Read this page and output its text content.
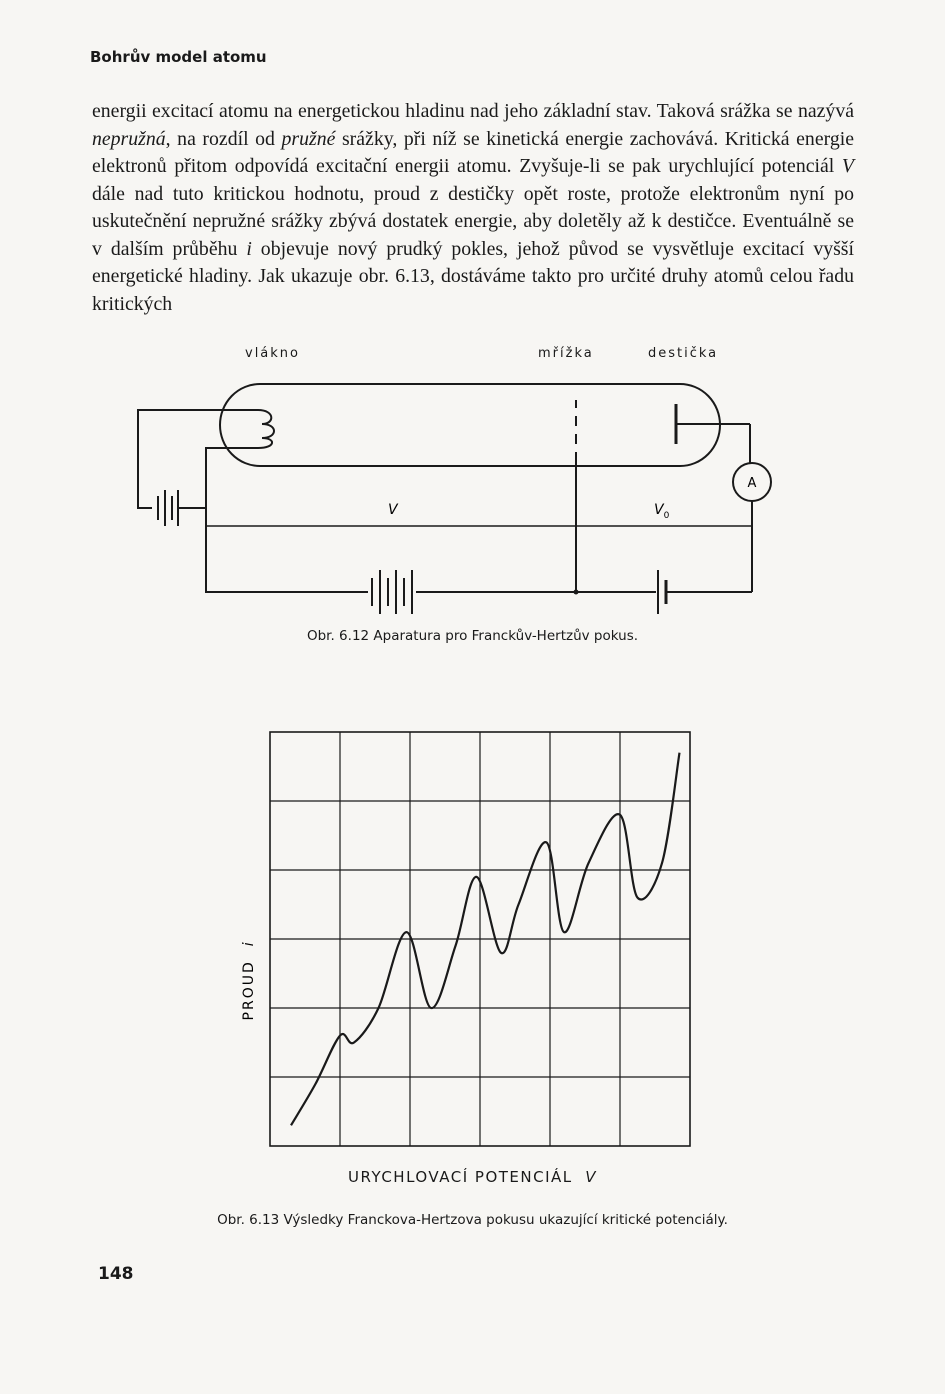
Bohrův model atomu

energii excitací atomu na energetickou hladinu nad jeho základní stav. Taková srážka se nazývá nepružná, na rozdíl od pružné srážky, při níž se kinetická energie zachovává. Kritická energie elektronů přitom odpovídá excitační energii atomu. Zvyšuje-li se pak urychlující potenciál V dále nad tuto kritickou hodnotu, proud z destičky opět roste, protože elektronům nyní po uskutečnění nepružné srážky zbývá dostatek energie, aby doletěly až k destičce. Eventuálně se v dalším průběhu i objevuje nový prudký pokles, jehož původ se vysvětluje excitací vyšší energetické hladiny. Jak ukazuje obr. 6.13, dostáváme takto pro určité druhy atomů celou řadu kritických

vlákno	mřížka	destička
V	$V_0$
A
Obr. 6.12 Aparatura pro Franckův-Hertzův pokus.
PROUDi
URYCHLOVACÍ POTENCIÁL V
Obr. 6.13 Výsledky Franckova-Hertzova pokusu ukazující kritické potenciály.
148
